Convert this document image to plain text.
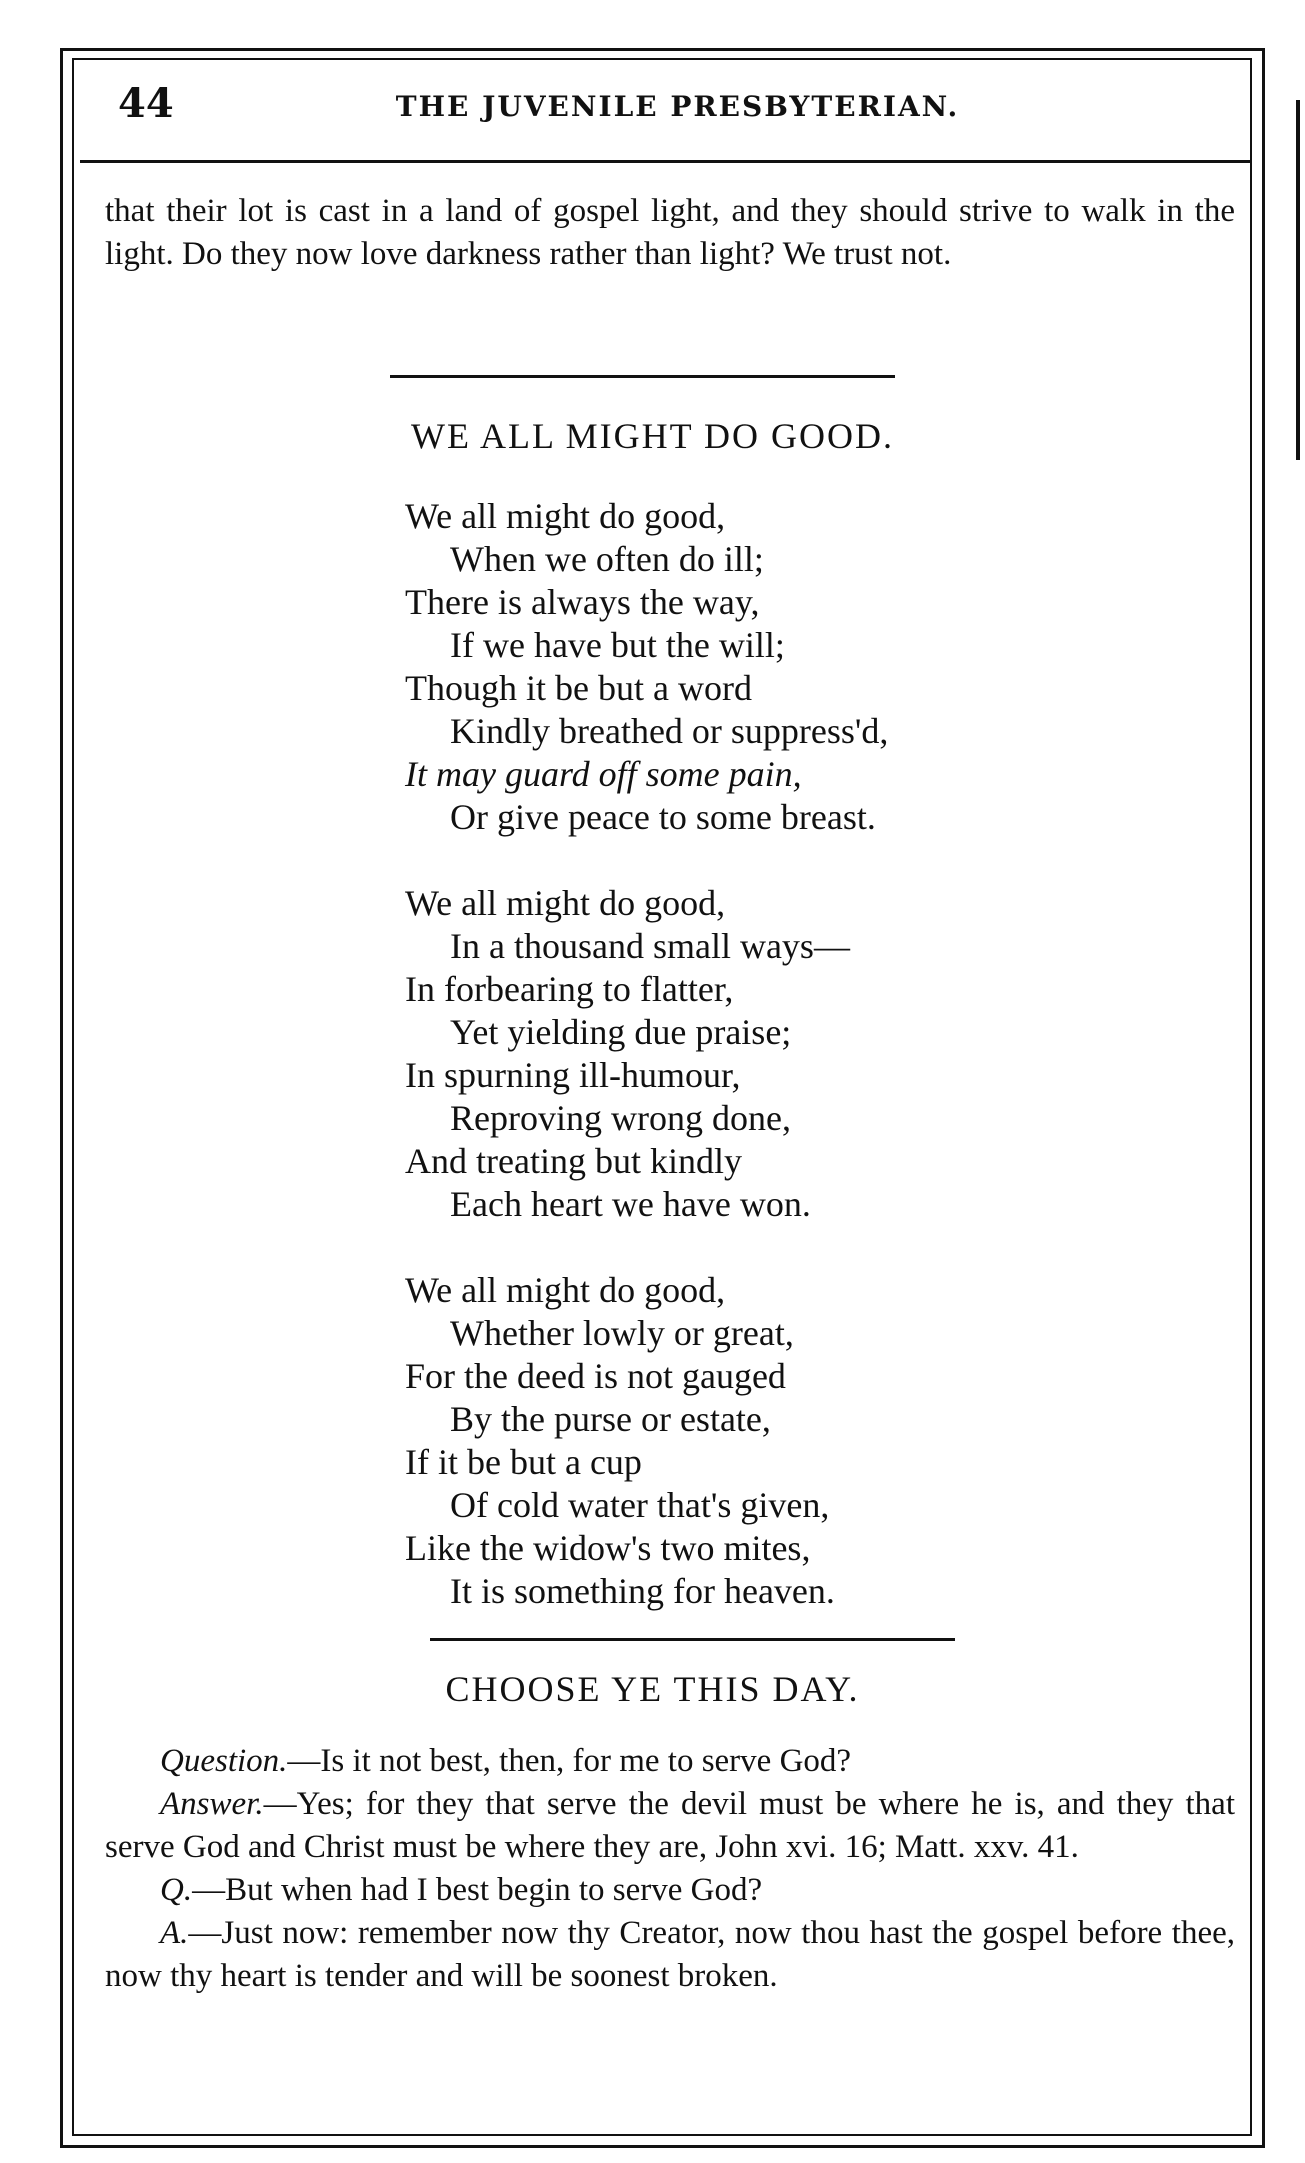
44	THE JUVENILE PRESBYTERIAN.

that their lot is cast in a land of gospel light, and they should strive to walk in the light. Do they now love darkness rather than light? We trust not.

WE ALL MIGHT DO GOOD.
We all might do good,
When we often do ill;
There is always the way,
If we have but the will;
Though it be but a word
Kindly breathed or suppress'd,
It may guard off some pain,
Or give peace to some breast.
We all might do good,
In a thousand small ways—
In forbearing to flatter,
Yet yielding due praise;
In spurning ill-humour,
Reproving wrong done,
And treating but kindly
Each heart we have won.
We all might do good,
Whether lowly or great,
For the deed is not gauged
By the purse or estate,
If it be but a cup
Of cold water that's given,
Like the widow's two mites,
It is something for heaven.
CHOOSE YE THIS DAY.

Question.—Is it not best, then, for me to serve God?

Answer.—Yes; for they that serve the devil must be where he is, and they that serve God and Christ must be where they are, John xvi. 16; Matt. xxv. 41.

Q.—But when had I best begin to serve God?

A.—Just now: remember now thy Creator, now thou hast the gospel before thee, now thy heart is tender and will be soonest broken.
